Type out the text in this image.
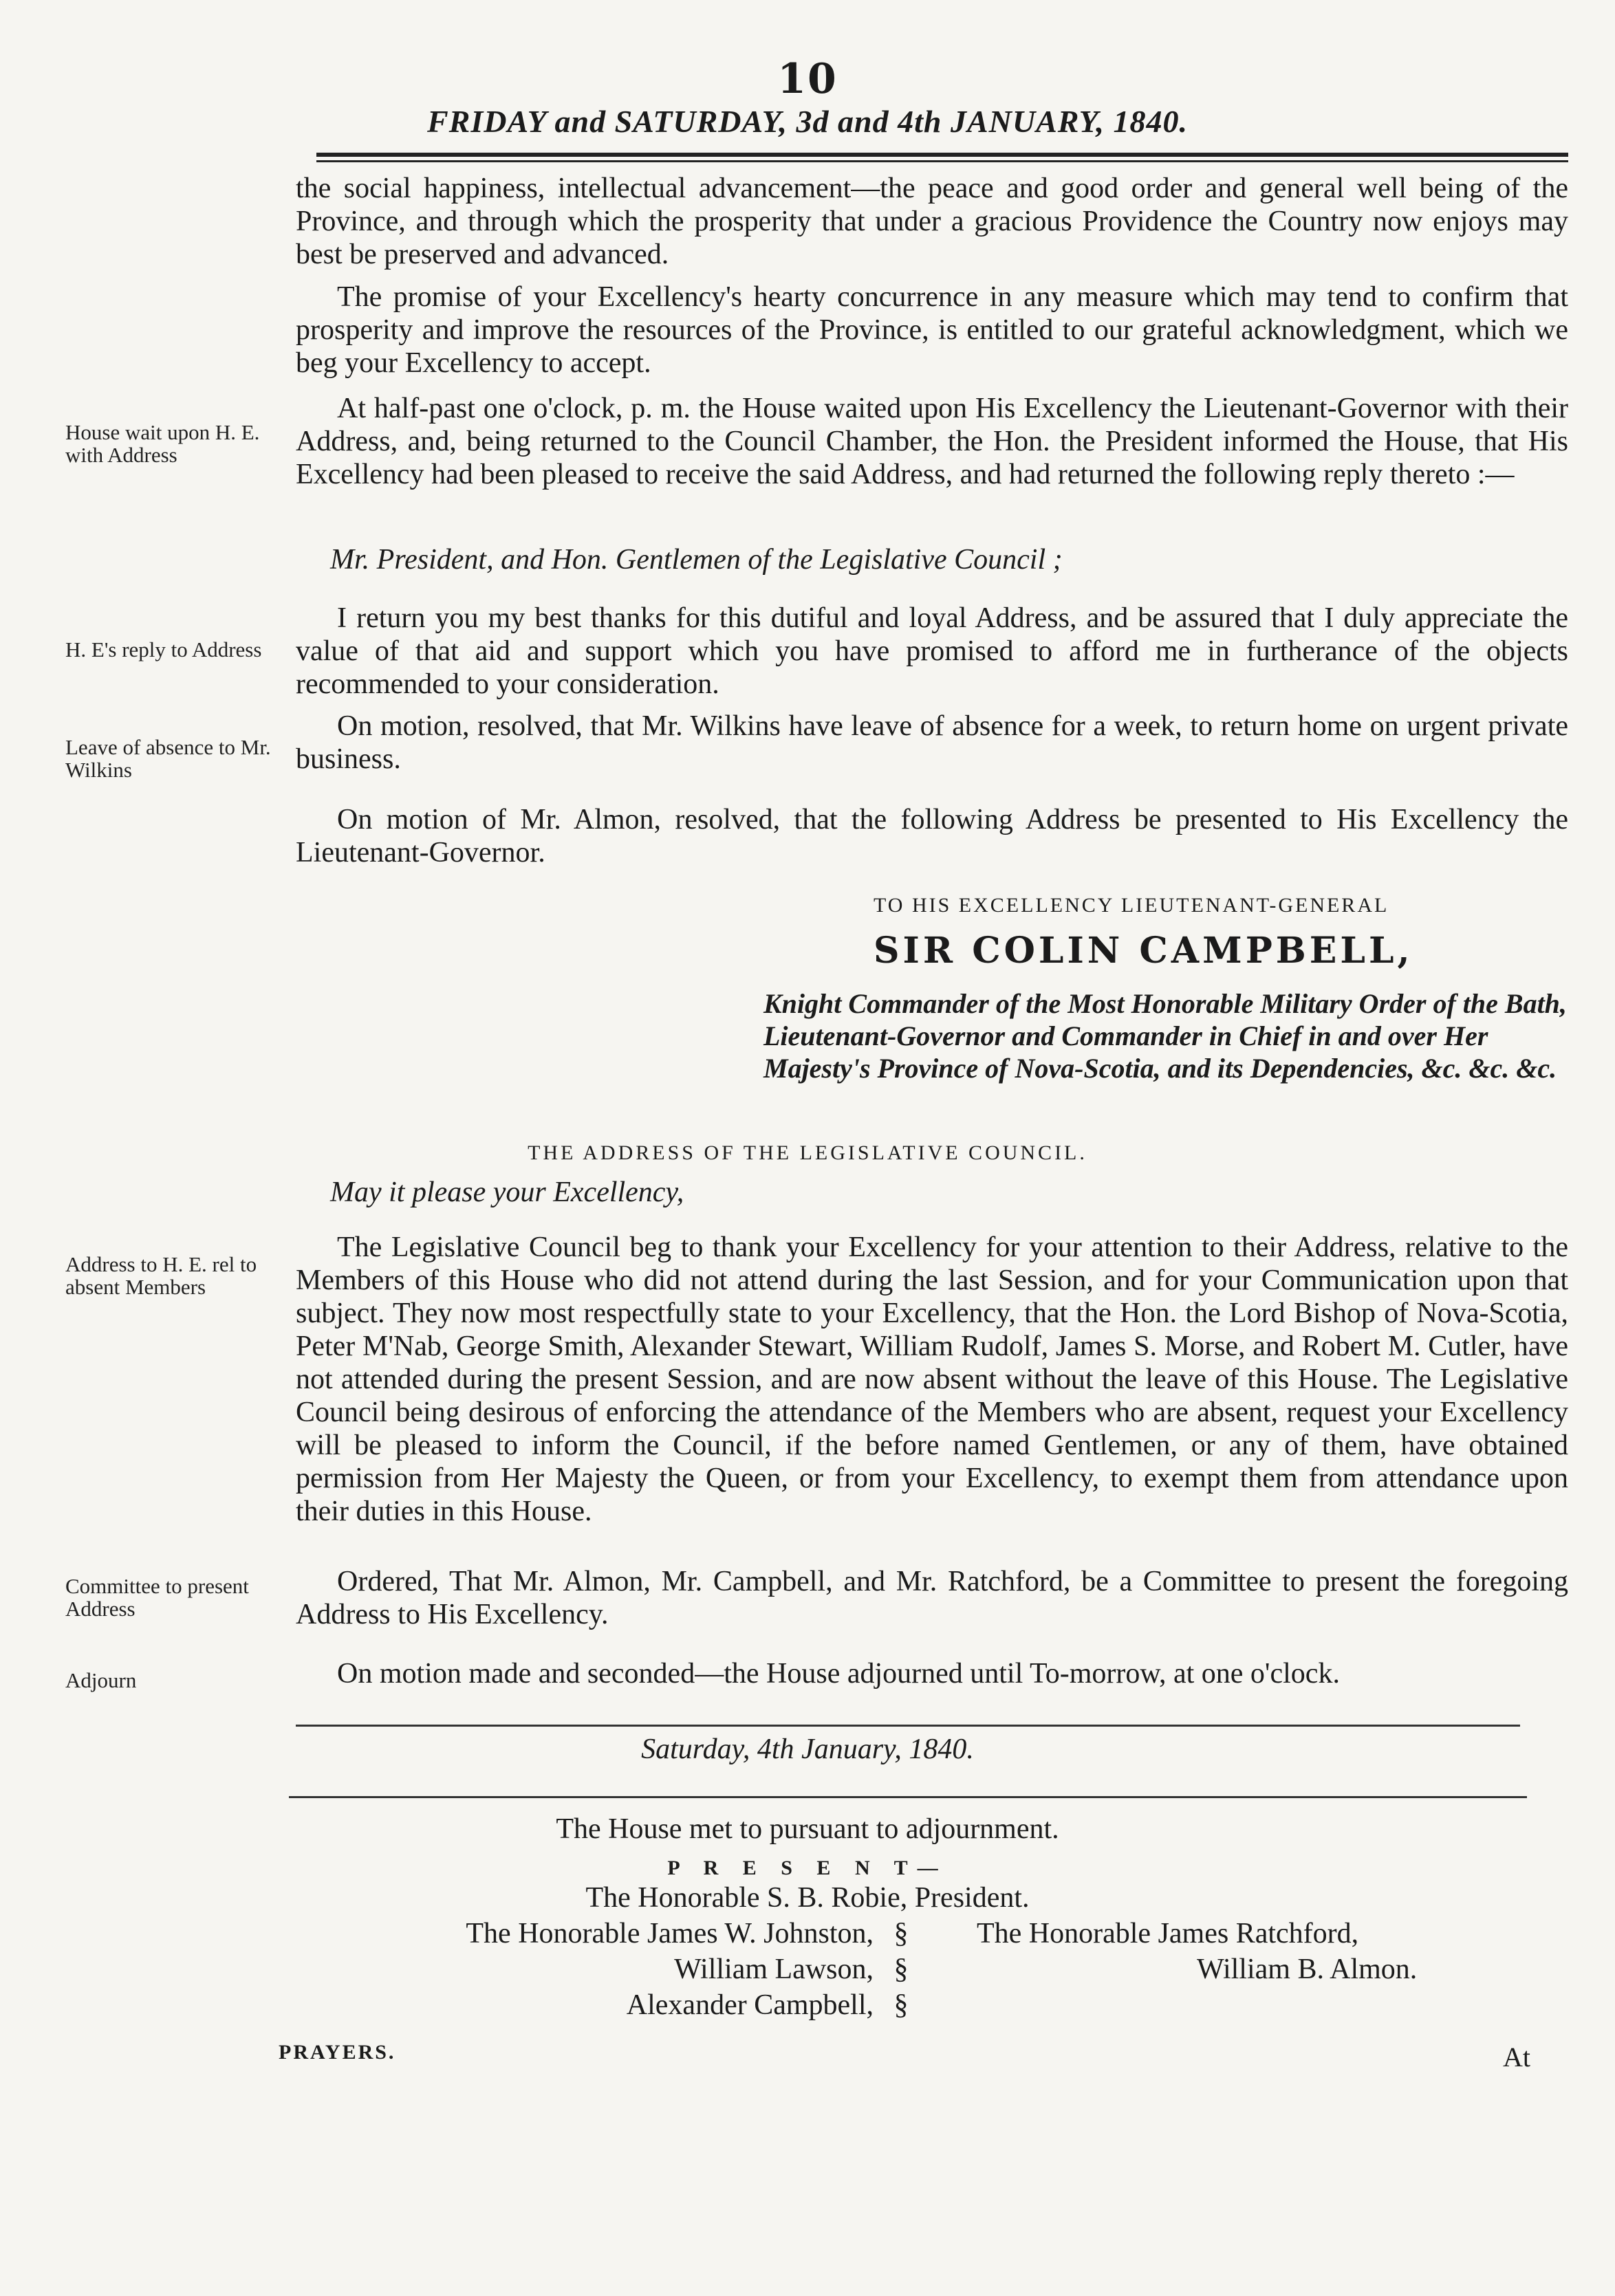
10
FRIDAY and SATURDAY, 3d and 4th JANUARY, 1840.
the social happiness, intellectual advancement—the peace and good order and general well being of the Province, and through which the prosperity that under a gracious Providence the Country now enjoys may best be preserved and advanced.
The promise of your Excellency's hearty concurrence in any measure which may tend to confirm that prosperity and improve the resources of the Province, is entitled to our grateful acknowledgment, which we beg your Excellency to accept.
House wait upon H. E. with Address
At half-past one o'clock, p. m. the House waited upon His Excellency the Lieutenant-Governor with their Address, and, being returned to the Council Chamber, the Hon. the President informed the House, that His Excellency had been pleased to receive the said Address, and had returned the following reply thereto :—
Mr. President, and Hon. Gentlemen of the Legislative Council ;
H. E's reply to Address
I return you my best thanks for this dutiful and loyal Address, and be assured that I duly appreciate the value of that aid and support which you have promised to afford me in furtherance of the objects recommended to your consideration.
Leave of absence to Mr. Wilkins
On motion, resolved, that Mr. Wilkins have leave of absence for a week, to return home on urgent private business.
On motion of Mr. Almon, resolved, that the following Address be presented to His Excellency the Lieutenant-Governor.
TO HIS EXCELLENCY LIEUTENANT-GENERAL
SIR COLIN CAMPBELL,
Knight Commander of the Most Honorable Military Order of the Bath, Lieutenant-Governor and Commander in Chief in and over Her Majesty's Province of Nova-Scotia, and its Dependencies, &c. &c. &c.
THE ADDRESS OF THE LEGISLATIVE COUNCIL.
May it please your Excellency,
Address to H. E. rel to absent Members
The Legislative Council beg to thank your Excellency for your attention to their Address, relative to the Members of this House who did not attend during the last Session, and for your Communication upon that subject. They now most respectfully state to your Excellency, that the Hon. the Lord Bishop of Nova-Scotia, Peter M'Nab, George Smith, Alexander Stewart, William Rudolf, James S. Morse, and Robert M. Cutler, have not attended during the present Session, and are now absent without the leave of this House. The Legislative Council being desirous of enforcing the attendance of the Members who are absent, request your Excellency will be pleased to inform the Council, if the before named Gentlemen, or any of them, have obtained permission from Her Majesty the Queen, or from your Excellency, to exempt them from attendance upon their duties in this House.
Committee to present Address
Ordered, That Mr. Almon, Mr. Campbell, and Mr. Ratchford, be a Committee to present the foregoing Address to His Excellency.
Adjourn	On motion made and seconded—the House adjourned until To-morrow, at one o'clock.
Saturday, 4th January, 1840.
The House met to pursuant to adjournment.
P R E S E N T—
The Honorable S. B. Robie, President.
The Honorable James W. Johnston,
William Lawson,
Alexander Campbell,
§
§
§
The Honorable James Ratchford,
William B. Almon.
PRAYERS.	At
